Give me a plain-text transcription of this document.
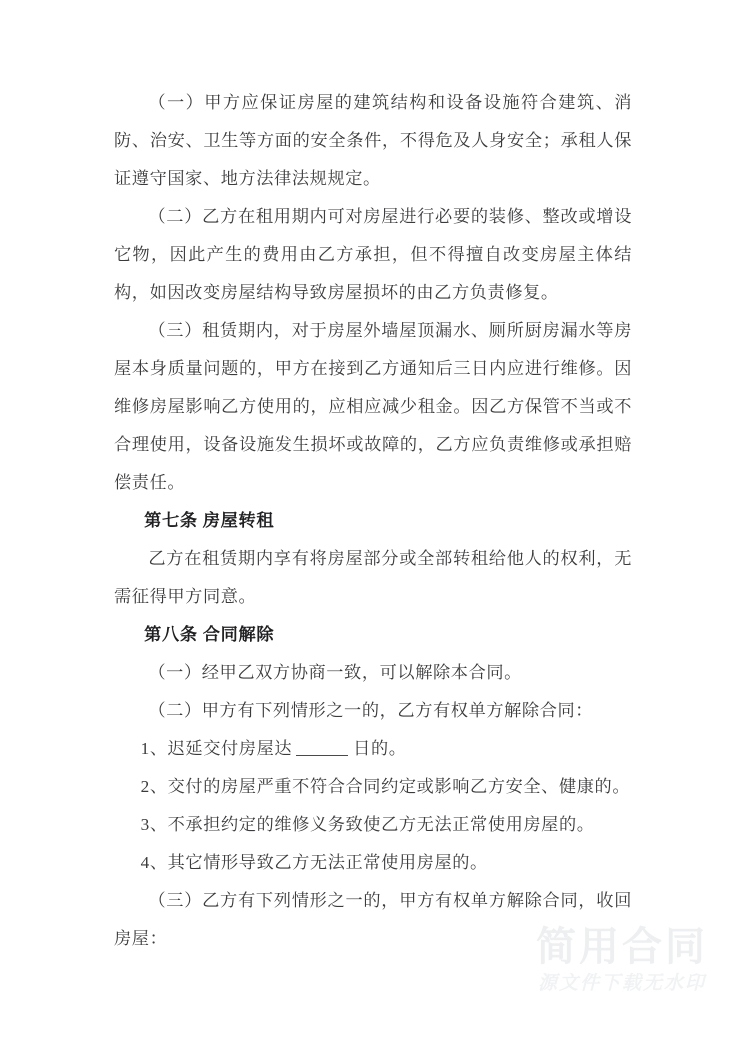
（一）甲方应保证房屋的建筑结构和设备设施符合建筑、消防、治安、卫生等方面的安全条件，不得危及人身安全；承租人保证遵守国家、地方法律法规规定。

（二）乙方在租用期内可对房屋进行必要的装修、整改或增设它物，因此产生的费用由乙方承担，但不得擅自改变房屋主体结构，如因改变房屋结构导致房屋损坏的由乙方负责修复。

（三）租赁期内，对于房屋外墙屋顶漏水、厕所厨房漏水等房屋本身质量问题的，甲方在接到乙方通知后三日内应进行维修。因维修房屋影响乙方使用的，应相应减少租金。因乙方保管不当或不合理使用，设备设施发生损坏或故障的，乙方应负责维修或承担赔偿责任。

第七条 房屋转租

乙方在租赁期内享有将房屋部分或全部转租给他人的权利，无需征得甲方同意。

第八条 合同解除

（一）经甲乙双方协商一致，可以解除本合同。

（二）甲方有下列情形之一的，乙方有权单方解除合同：

1、迟延交付房屋达	日的。

2、交付的房屋严重不符合合同约定或影响乙方安全、健康的。

3、不承担约定的维修义务致使乙方无法正常使用房屋的。

4、其它情形导致乙方无法正常使用房屋的。

（三）乙方有下列情形之一的，甲方有权单方解除合同，收回房屋：	简用合同
源文件下载无水印
